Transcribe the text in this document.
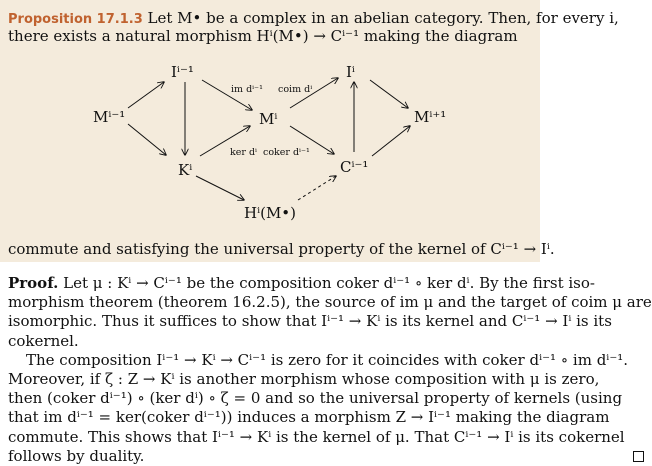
Proposition 17.1.3 Let M• be a complex in an abelian category. Then, for every i,
there exists a natural morphism Hⁱ(M•) → Cⁱ⁻¹ making the diagram
Mⁱ⁻¹
Iⁱ⁻¹
Kⁱ
Mⁱ
Iⁱ
Cⁱ⁻¹
Mⁱ⁺¹
Hⁱ(M•)
im dⁱ⁻¹ coim dⁱ
ker dⁱ coker dⁱ⁻¹
commute and satisfying the universal property of the kernel of Cⁱ⁻¹ → Iⁱ.
Proof. Let μ : Kⁱ → Cⁱ⁻¹ be the composition coker dⁱ⁻¹ ∘ ker dⁱ. By the first iso-
morphism theorem (theorem 16.2.5), the source of im μ and the target of coim μ are
isomorphic. Thus it suffices to show that Iⁱ⁻¹ → Kⁱ is its kernel and Cⁱ⁻¹ → Iⁱ is its
cokernel.
The composition Iⁱ⁻¹ → Kⁱ → Cⁱ⁻¹ is zero for it coincides with coker dⁱ⁻¹ ∘ im dⁱ⁻¹.
Moreover, if ζ : Z → Kⁱ is another morphism whose composition with μ is zero,
then (coker dⁱ⁻¹) ∘ (ker dⁱ) ∘ ζ = 0 and so the universal property of kernels (using
that im dⁱ⁻¹ = ker(coker dⁱ⁻¹)) induces a morphism Z → Iⁱ⁻¹ making the diagram
commute. This shows that Iⁱ⁻¹ → Kⁱ is the kernel of μ. That Cⁱ⁻¹ → Iⁱ is its cokernel
follows by duality.
